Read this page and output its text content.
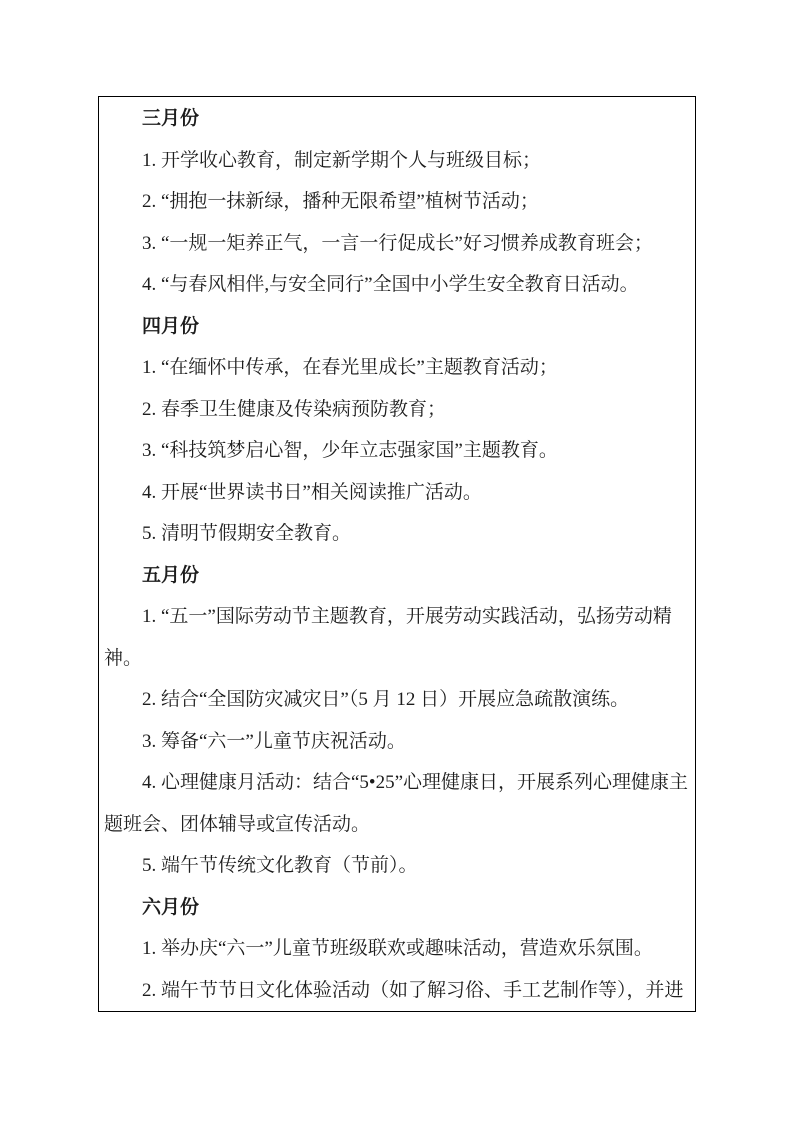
三月份

1. 开学收心教育，制定新学期个人与班级目标；

2. “拥抱一抹新绿，播种无限希望”植树节活动；

3. “一规一矩养正气，一言一行促成长”好习惯养成教育班会；

4. “与春风相伴,与安全同行”全国中小学生安全教育日活动。

四月份

1. “在缅怀中传承，在春光里成长”主题教育活动；

2. 春季卫生健康及传染病预防教育；

3. “科技筑梦启心智，少年立志强家国”主题教育。

4. 开展“世界读书日”相关阅读推广活动。

5. 清明节假期安全教育。

五月份

1. “五一”国际劳动节主题教育，开展劳动实践活动，弘扬劳动精神。

2. 结合“全国防灾减灾日”（5 月 12 日）开展应急疏散演练。

3. 筹备“六一”儿童节庆祝活动。

4. 心理健康月活动：结合“5•25”心理健康日，开展系列心理健康主题班会、团体辅导或宣传活动。

5. 端午节传统文化教育（节前）。

六月份

1. 举办庆“六一”儿童节班级联欢或趣味活动，营造欢乐氛围。

2. 端午节节日文化体验活动（如了解习俗、手工艺制作等），并进
